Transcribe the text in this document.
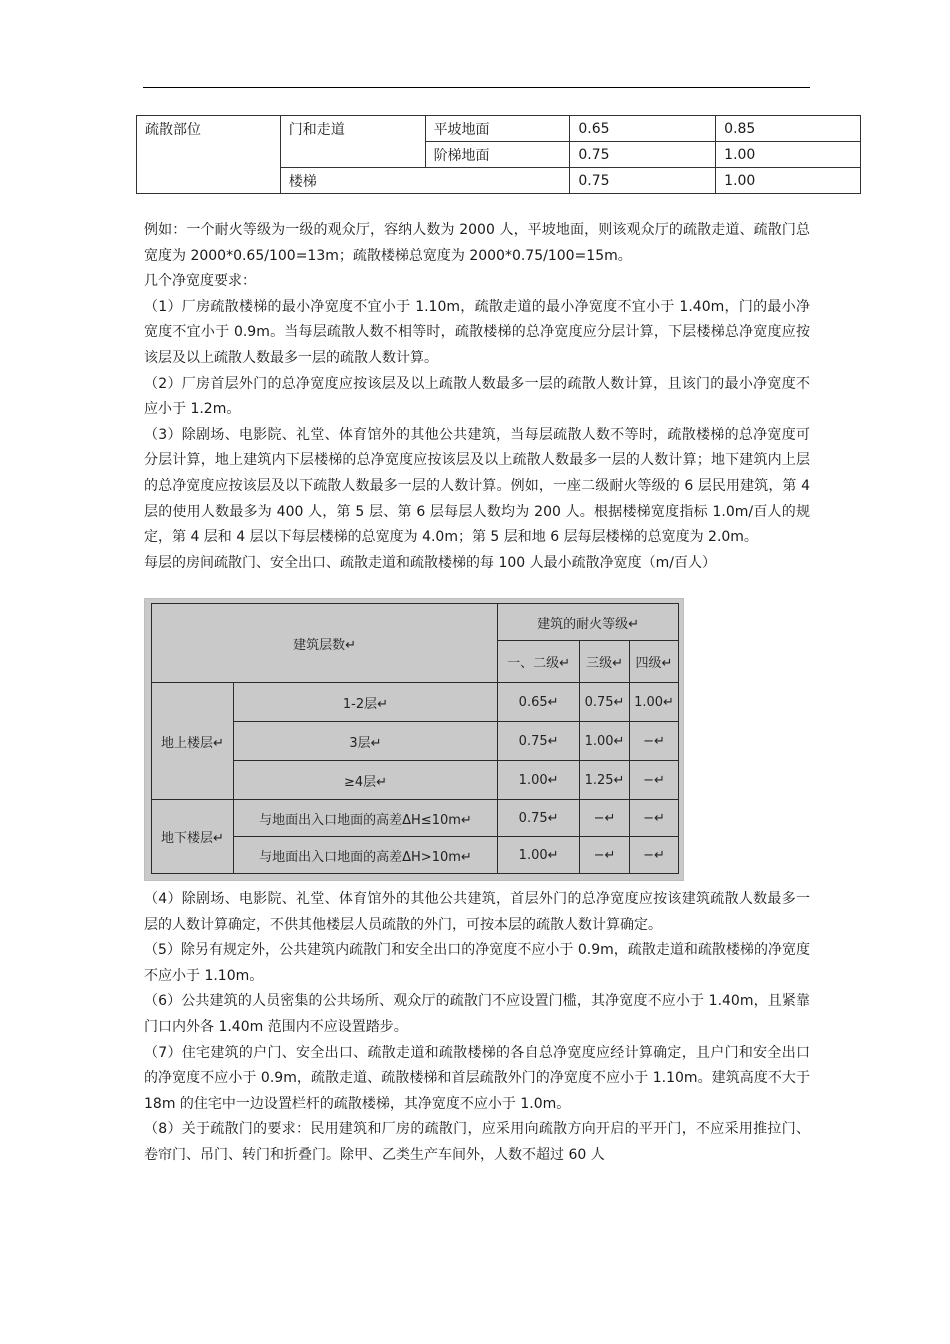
疏散部位	门和走道	平坡地面	0.65	0.85
		阶梯地面	0.75	1.00
	楼梯		0.75	1.00

例如：一个耐火等级为一级的观众厅，容纳人数为 2000 人，平坡地面，则该观众厅的疏散走道、疏散门总宽度为 2000*0.65/100=13m；疏散楼梯总宽度为 2000*0.75/100=15m。

几个净宽度要求：

（1）厂房疏散楼梯的最小净宽度不宜小于 1.10m，疏散走道的最小净宽度不宜小于 1.40m，门的最小净宽度不宜小于 0.9m。当每层疏散人数不相等时，疏散楼梯的总净宽度应分层计算，下层楼梯总净宽度应按该层及以上疏散人数最多一层的疏散人数计算。

（2）厂房首层外门的总净宽度应按该层及以上疏散人数最多一层的疏散人数计算，且该门的最小净宽度不应小于 1.2m。

（3）除剧场、电影院、礼堂、体育馆外的其他公共建筑，当每层疏散人数不等时，疏散楼梯的总净宽度可分层计算，地上建筑内下层楼梯的总净宽度应按该层及以上疏散人数最多一层的人数计算；地下建筑内上层的总净宽度应按该层及以下疏散人数最多一层的人数计算。例如，一座二级耐火等级的 6 层民用建筑，第 4 层的使用人数最多为 400 人，第 5 层、第 6 层每层人数均为 200 人。根据楼梯宽度指标 1.0m/百人的规定，第 4 层和 4 层以下每层楼梯的总宽度为 4.0m；第 5 层和地 6 层每层楼梯的总宽度为 2.0m。

每层的房间疏散门、安全出口、疏散走道和疏散楼梯的每 100 人最小疏散净宽度（m/百人）

建筑层数↵		建筑的耐火等级↵		
		一、二级↵	三级↵	四级↵
地上楼层↵	1-2层↵	0.65↵	0.75↵	1.00↵
	3层↵	0.75↵	1.00↵	−↵
	≥4层↵	1.00↵	1.25↵	−↵
地下楼层↵	与地面出入口地面的高差ΔH≤10m↵	0.75↵	−↵	−↵
	与地面出入口地面的高差ΔH>10m↵	1.00↵	−↵	−↵

（4）除剧场、电影院、礼堂、体育馆外的其他公共建筑，首层外门的总净宽度应按该建筑疏散人数最多一层的人数计算确定，不供其他楼层人员疏散的外门，可按本层的疏散人数计算确定。

（5）除另有规定外，公共建筑内疏散门和安全出口的净宽度不应小于 0.9m，疏散走道和疏散楼梯的净宽度不应小于 1.10m。

（6）公共建筑的人员密集的公共场所、观众厅的疏散门不应设置门槛，其净宽度不应小于 1.40m，且紧靠门口内外各 1.40m 范围内不应设置踏步。

（7）住宅建筑的户门、安全出口、疏散走道和疏散楼梯的各自总净宽度应经计算确定，且户门和安全出口的净宽度不应小于 0.9m，疏散走道、疏散楼梯和首层疏散外门的净宽度不应小于 1.10m。建筑高度不大于 18m 的住宅中一边设置栏杆的疏散楼梯，其净宽度不应小于 1.0m。

（8）关于疏散门的要求：民用建筑和厂房的疏散门，应采用向疏散方向开启的平开门，不应采用推拉门、卷帘门、吊门、转门和折叠门。除甲、乙类生产车间外，人数不超过 60 人
